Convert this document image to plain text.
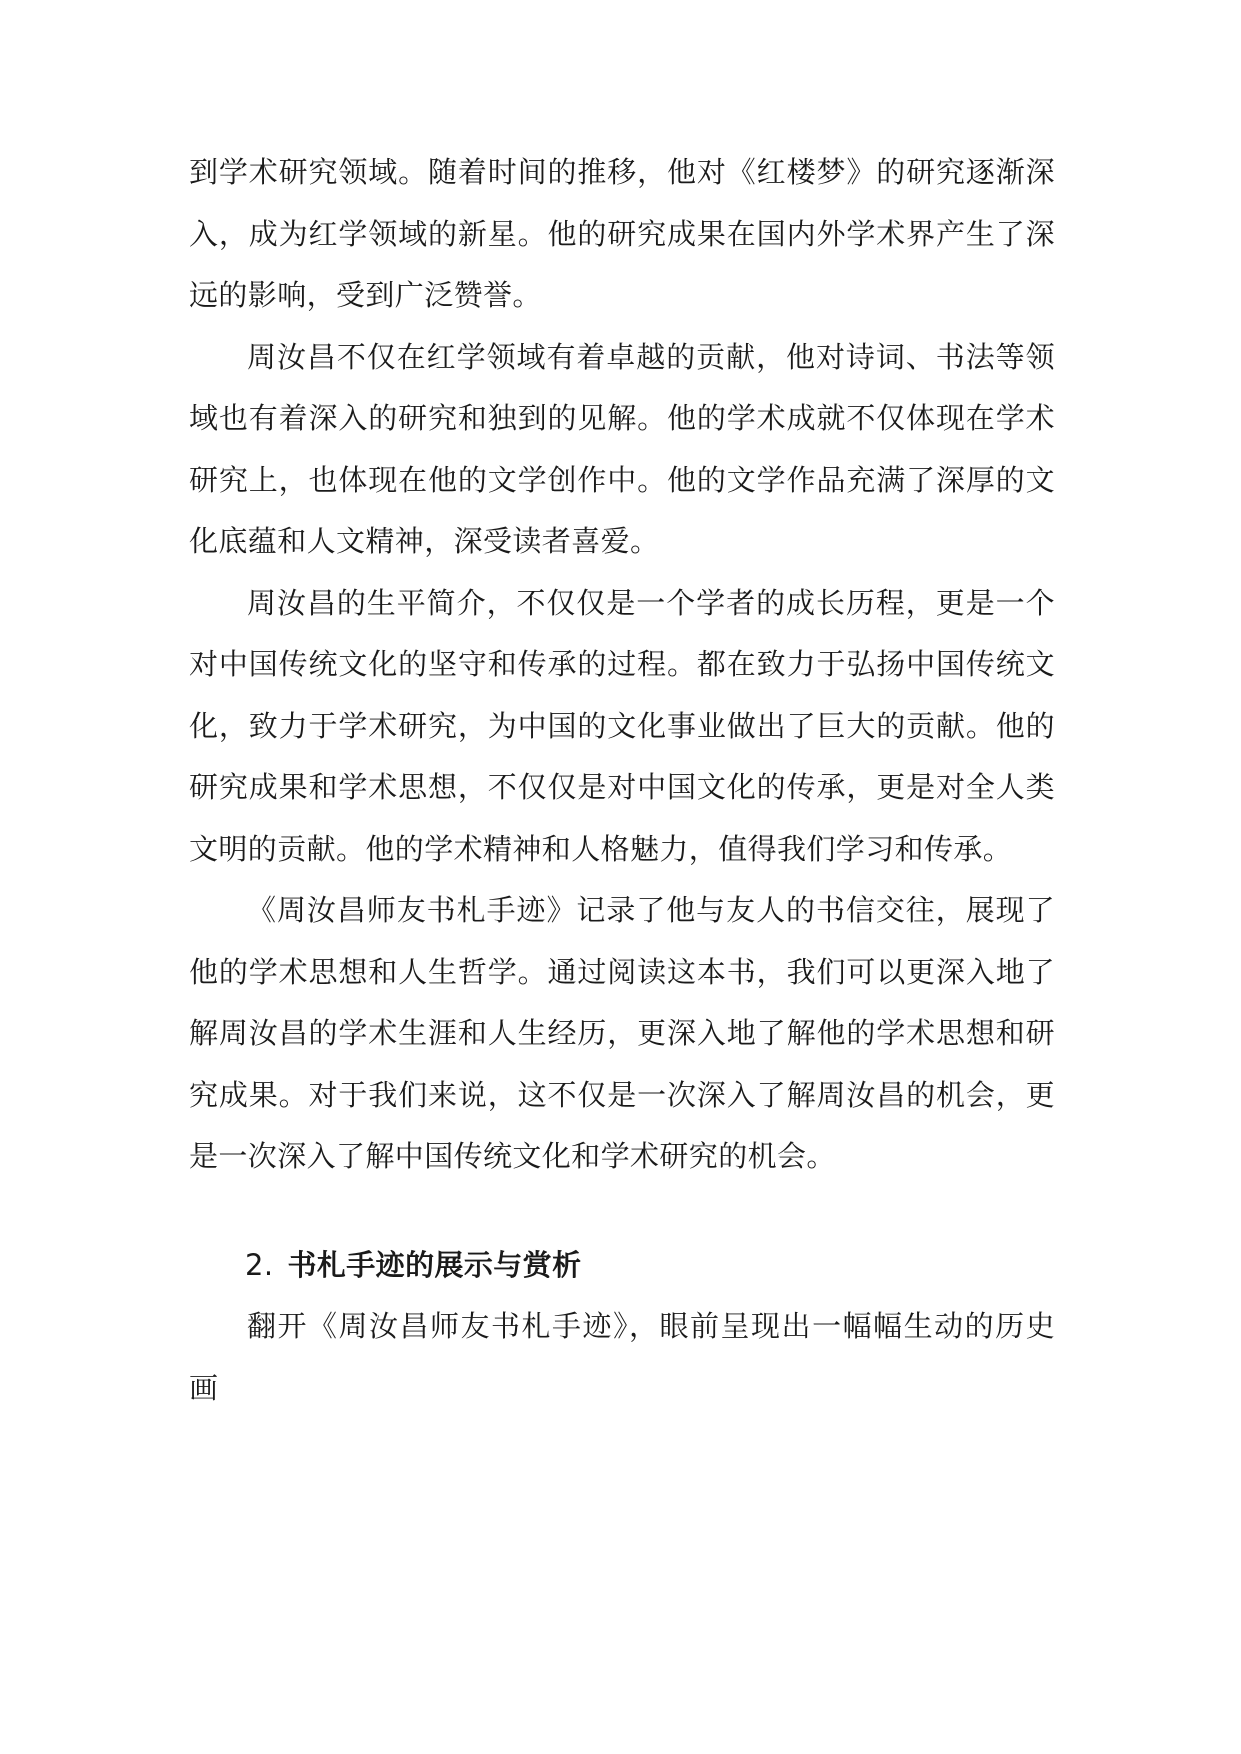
到学术研究领域。随着时间的推移，他对《红楼梦》的研究逐渐深入，成为红学领域的新星。他的研究成果在国内外学术界产生了深远的影响，受到广泛赞誉。

周汝昌不仅在红学领域有着卓越的贡献，他对诗词、书法等领域也有着深入的研究和独到的见解。他的学术成就不仅体现在学术研究上，也体现在他的文学创作中。他的文学作品充满了深厚的文化底蕴和人文精神，深受读者喜爱。

周汝昌的生平简介，不仅仅是一个学者的成长历程，更是一个对中国传统文化的坚守和传承的过程。都在致力于弘扬中国传统文化，致力于学术研究，为中国的文化事业做出了巨大的贡献。他的研究成果和学术思想，不仅仅是对中国文化的传承，更是对全人类文明的贡献。他的学术精神和人格魅力，值得我们学习和传承。

《周汝昌师友书札手迹》记录了他与友人的书信交往，展现了他的学术思想和人生哲学。通过阅读这本书，我们可以更深入地了解周汝昌的学术生涯和人生经历，更深入地了解他的学术思想和研究成果。对于我们来说，这不仅是一次深入了解周汝昌的机会，更是一次深入了解中国传统文化和学术研究的机会。

2. 书札手迹的展示与赏析

翻开《周汝昌师友书札手迹》，眼前呈现出一幅幅生动的历史画
